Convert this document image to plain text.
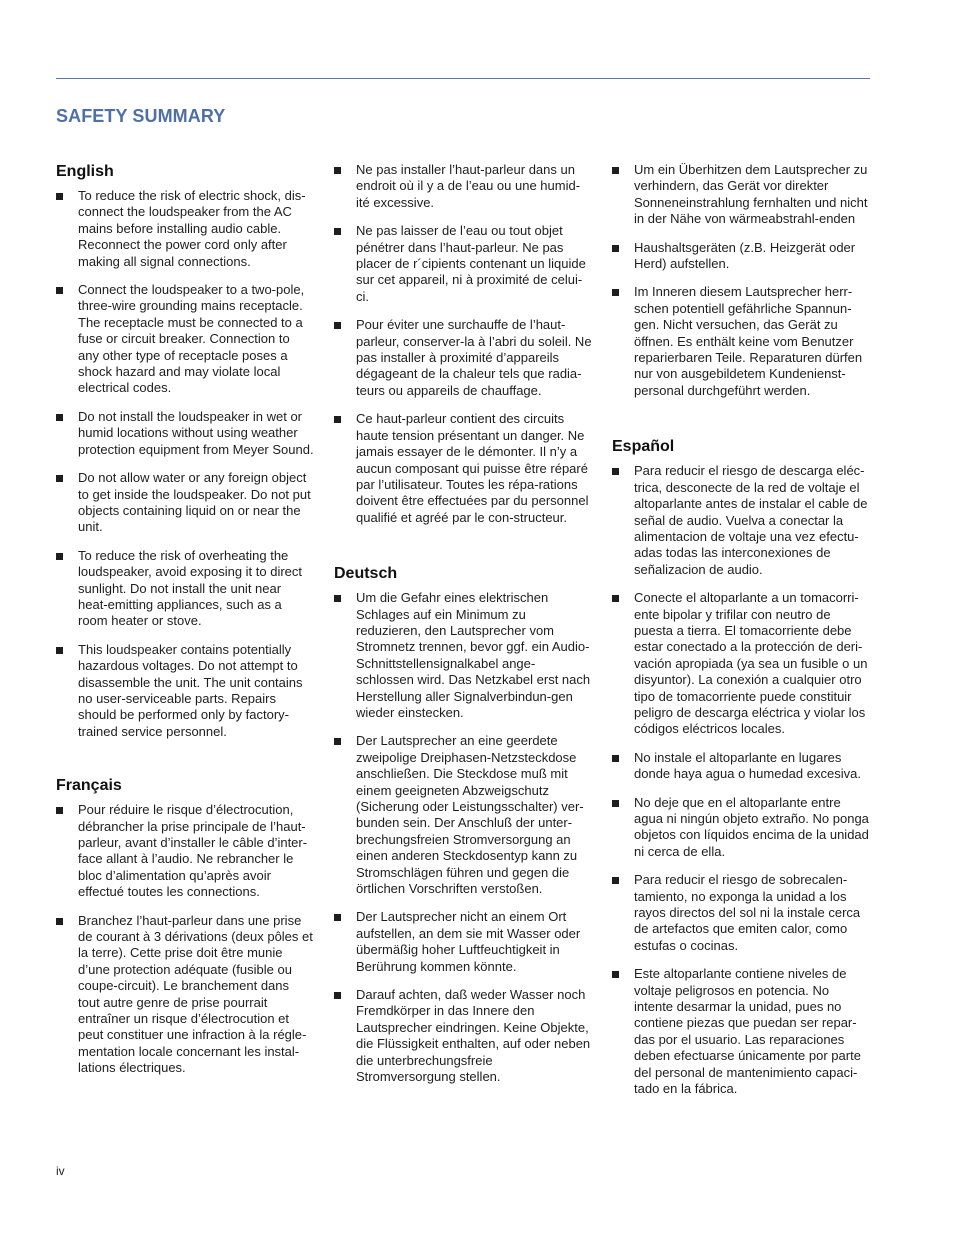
SAFETY SUMMARY
English
To reduce the risk of electric shock, dis-connect the loudspeaker from the AC mains before installing audio cable. Reconnect the power cord only after making all signal connections.
Connect the loudspeaker to a two-pole, three-wire grounding mains receptacle. The receptacle must be connected to a fuse or circuit breaker. Connection to any other type of receptacle poses a shock hazard and may violate local electrical codes.
Do not install the loudspeaker in wet or humid locations without using weather protection equipment from Meyer Sound.
Do not allow water or any foreign object to get inside the loudspeaker. Do not put objects containing liquid on or near the unit.
To reduce the risk of overheating the loudspeaker, avoid exposing it to direct sunlight. Do not install the unit near heat-emitting appliances, such as a room heater or stove.
This loudspeaker contains potentially hazardous voltages. Do not attempt to disassemble the unit. The unit contains no user-serviceable parts. Repairs should be performed only by factory-trained service personnel.
Français
Pour réduire le risque d’électrocution, débrancher la prise principale de l’haut-parleur, avant d’installer le câble d’inter-face allant à l’audio. Ne rebrancher le bloc d’alimentation qu’après avoir effectué toutes les connections.
Branchez l’haut-parleur dans une prise de courant à 3 dérivations (deux pôles et la terre). Cette prise doit être munie d’une protection adéquate (fusible ou coupe-circuit). Le branchement dans tout autre genre de prise pourrait entraîner un risque d’électrocution et peut constituer une infraction à la régle-mentation locale concernant les instal-lations électriques.
Ne pas installer l’haut-parleur dans un endroit où il y a de l’eau ou une humid-ité excessive.
Ne pas laisser de l’eau ou tout objet pénétrer dans l’haut-parleur. Ne pas placer de r´cipients contenant un liquide sur cet appareil, ni à proximité de celui-ci.
Pour éviter une surchauffe de l’haut-parleur, conserver-la à l’abri du soleil. Ne pas installer à proximité d’appareils dégageant de la chaleur tels que radia-teurs ou appareils de chauffage.
Ce haut-parleur contient des circuits haute tension présentant un danger. Ne jamais essayer de le démonter. Il n’y a aucun composant qui puisse être réparé par l’utilisateur. Toutes les répa-rations doivent être effectuées par du personnel qualifié et agréé par le con-structeur.
Deutsch
Um die Gefahr eines elektrischen Schlages auf ein Minimum zu reduzieren, den Lautsprecher vom Stromnetz trennen, bevor ggf. ein Audio-Schnittstellensignalkabel ange-schlossen wird. Das Netzkabel erst nach Herstellung aller Signalverbindun-gen wieder einstecken.
Der Lautsprecher an eine geerdete zweipolige Dreiphasen-Netzsteckdose anschließen. Die Steckdose muß mit einem geeigneten Abzweigschutz (Sicherung oder Leistungsschalter) ver-bunden sein. Der Anschluß der unter-brechungsfreien Stromversorgung an einen anderen Steckdosentyp kann zu Stromschlägen führen und gegen die örtlichen Vorschriften verstoßen.
Der Lautsprecher nicht an einem Ort aufstellen, an dem sie mit Wasser oder übermäßig hoher Luftfeuchtigkeit in Berührung kommen könnte.
Darauf achten, daß weder Wasser noch Fremdkörper in das Innere den Lautsprecher eindringen. Keine Objekte, die Flüssigkeit enthalten, auf oder neben die unterbrechungsfreie Stromversorgung stellen.
Um ein Überhitzen dem Lautsprecher zu verhindern, das Gerät vor direkter Sonneneinstrahlung fernhalten und nicht in der Nähe von wärmeabstrahl-enden
Haushaltsgeräten (z.B. Heizgerät oder Herd) aufstellen.
Im Inneren diesem Lautsprecher herr-schen potentiell gefährliche Spannun-gen. Nicht versuchen, das Gerät zu öffnen. Es enthält keine vom Benutzer reparierbaren Teile. Reparaturen dürfen nur von ausgebildetem Kundenienst-personal durchgeführt werden.
Español
Para reducir el riesgo de descarga eléc-trica, desconecte de la red de voltaje el altoparlante antes de instalar el cable de señal de audio. Vuelva a conectar la alimentacion de voltaje una vez efectu-adas todas las interconexiones de señalizacion de audio.
Conecte el altoparlante a un tomacorri-ente bipolar y trifilar con neutro de puesta a tierra. El tomacorriente debe estar conectado a la protección de deri-vación apropiada (ya sea un fusible o un disyuntor). La conexión a cualquier otro tipo de tomacorriente puede constituir peligro de descarga eléctrica y violar los códigos eléctricos locales.
No instale el altoparlante en lugares donde haya agua o humedad excesiva.
No deje que en el altoparlante entre agua ni ningún objeto extraño. No ponga objetos con líquidos encima de la unidad ni cerca de ella.
Para reducir el riesgo de sobrecalen-tamiento, no exponga la unidad a los rayos directos del sol ni la instale cerca de artefactos que emiten calor, como estufas o cocinas.
Este altoparlante contiene niveles de voltaje peligrosos en potencia. No intente desarmar la unidad, pues no contiene piezas que puedan ser repar-das por el usuario. Las reparaciones deben efectuarse únicamente por parte del personal de mantenimiento capaci-tado en la fábrica.
iv
